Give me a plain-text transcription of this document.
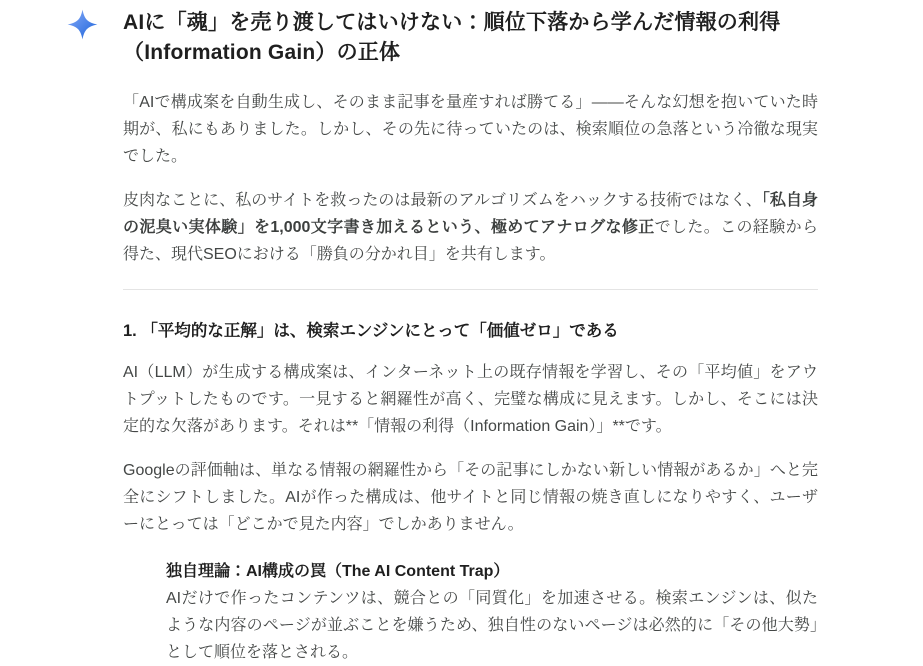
AIに「魂」を売り渡してはいけない：順位下落から学んだ情報の利得（Information Gain）の正体

「AIで構成案を自動生成し、そのまま記事を量産すれば勝てる」——そんな幻想を抱いていた時期が、私にもありました。しかし、その先に待っていたのは、検索順位の急落という冷徹な現実でした。

皮肉なことに、私のサイトを救ったのは最新のアルゴリズムをハックする技術ではなく、「私自身の泥臭い実体験」を1,000文字書き加えるという、極めてアナログな修正でした。この経験から得た、現代SEOにおける「勝負の分かれ目」を共有します。

1. 「平均的な正解」は、検索エンジンにとって「価値ゼロ」である

AI（LLM）が生成する構成案は、インターネット上の既存情報を学習し、その「平均値」をアウトプットしたものです。一見すると網羅性が高く、完璧な構成に見えます。しかし、そこには決定的な欠落があります。それは**「情報の利得（Information Gain）」**です。

Googleの評価軸は、単なる情報の網羅性から「その記事にしかない新しい情報があるか」へと完全にシフトしました。AIが作った構成は、他サイトと同じ情報の焼き直しになりやすく、ユーザーにとっては「どこかで見た内容」でしかありません。

独自理論：AI構成の罠（The AI Content Trap）
AIだけで作ったコンテンツは、競合との「同質化」を加速させる。検索エンジンは、似たような内容のページが並ぶことを嫌うため、独自性のないページは必然的に「その他大勢」として順位を落とされる。
